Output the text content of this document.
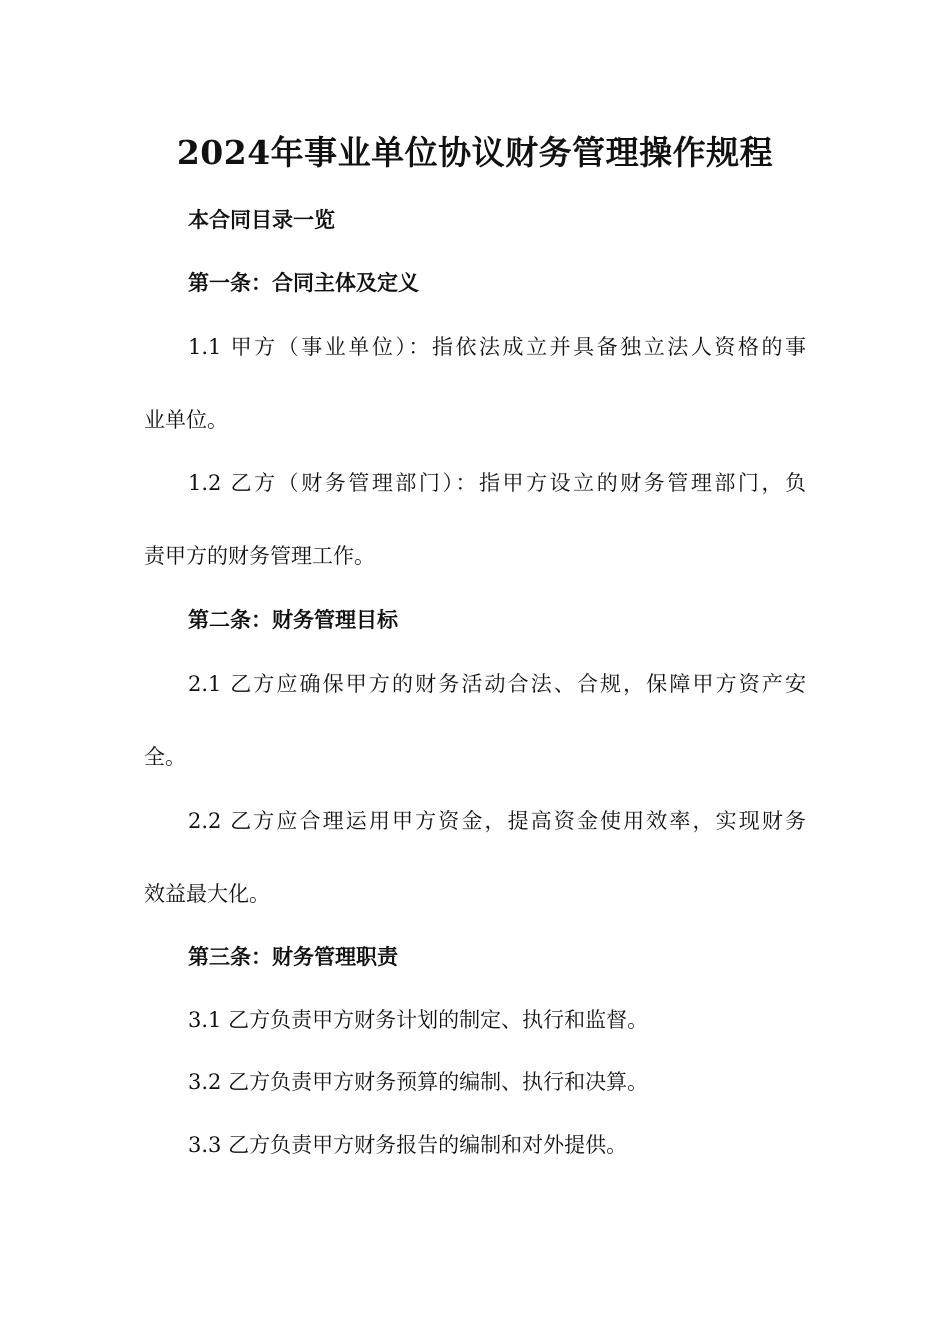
2024年事业单位协议财务管理操作规程
本合同目录一览
第一条：合同主体及定义
1.1 甲方（事业单位）：指依法成立并具备独立法人资格的事
业单位。
1.2 乙方（财务管理部门）：指甲方设立的财务管理部门，负
责甲方的财务管理工作。
第二条：财务管理目标
2.1 乙方应确保甲方的财务活动合法、合规，保障甲方资产安
全。
2.2 乙方应合理运用甲方资金，提高资金使用效率，实现财务
效益最大化。
第三条：财务管理职责
3.1 乙方负责甲方财务计划的制定、执行和监督。
3.2 乙方负责甲方财务预算的编制、执行和决算。
3.3 乙方负责甲方财务报告的编制和对外提供。
